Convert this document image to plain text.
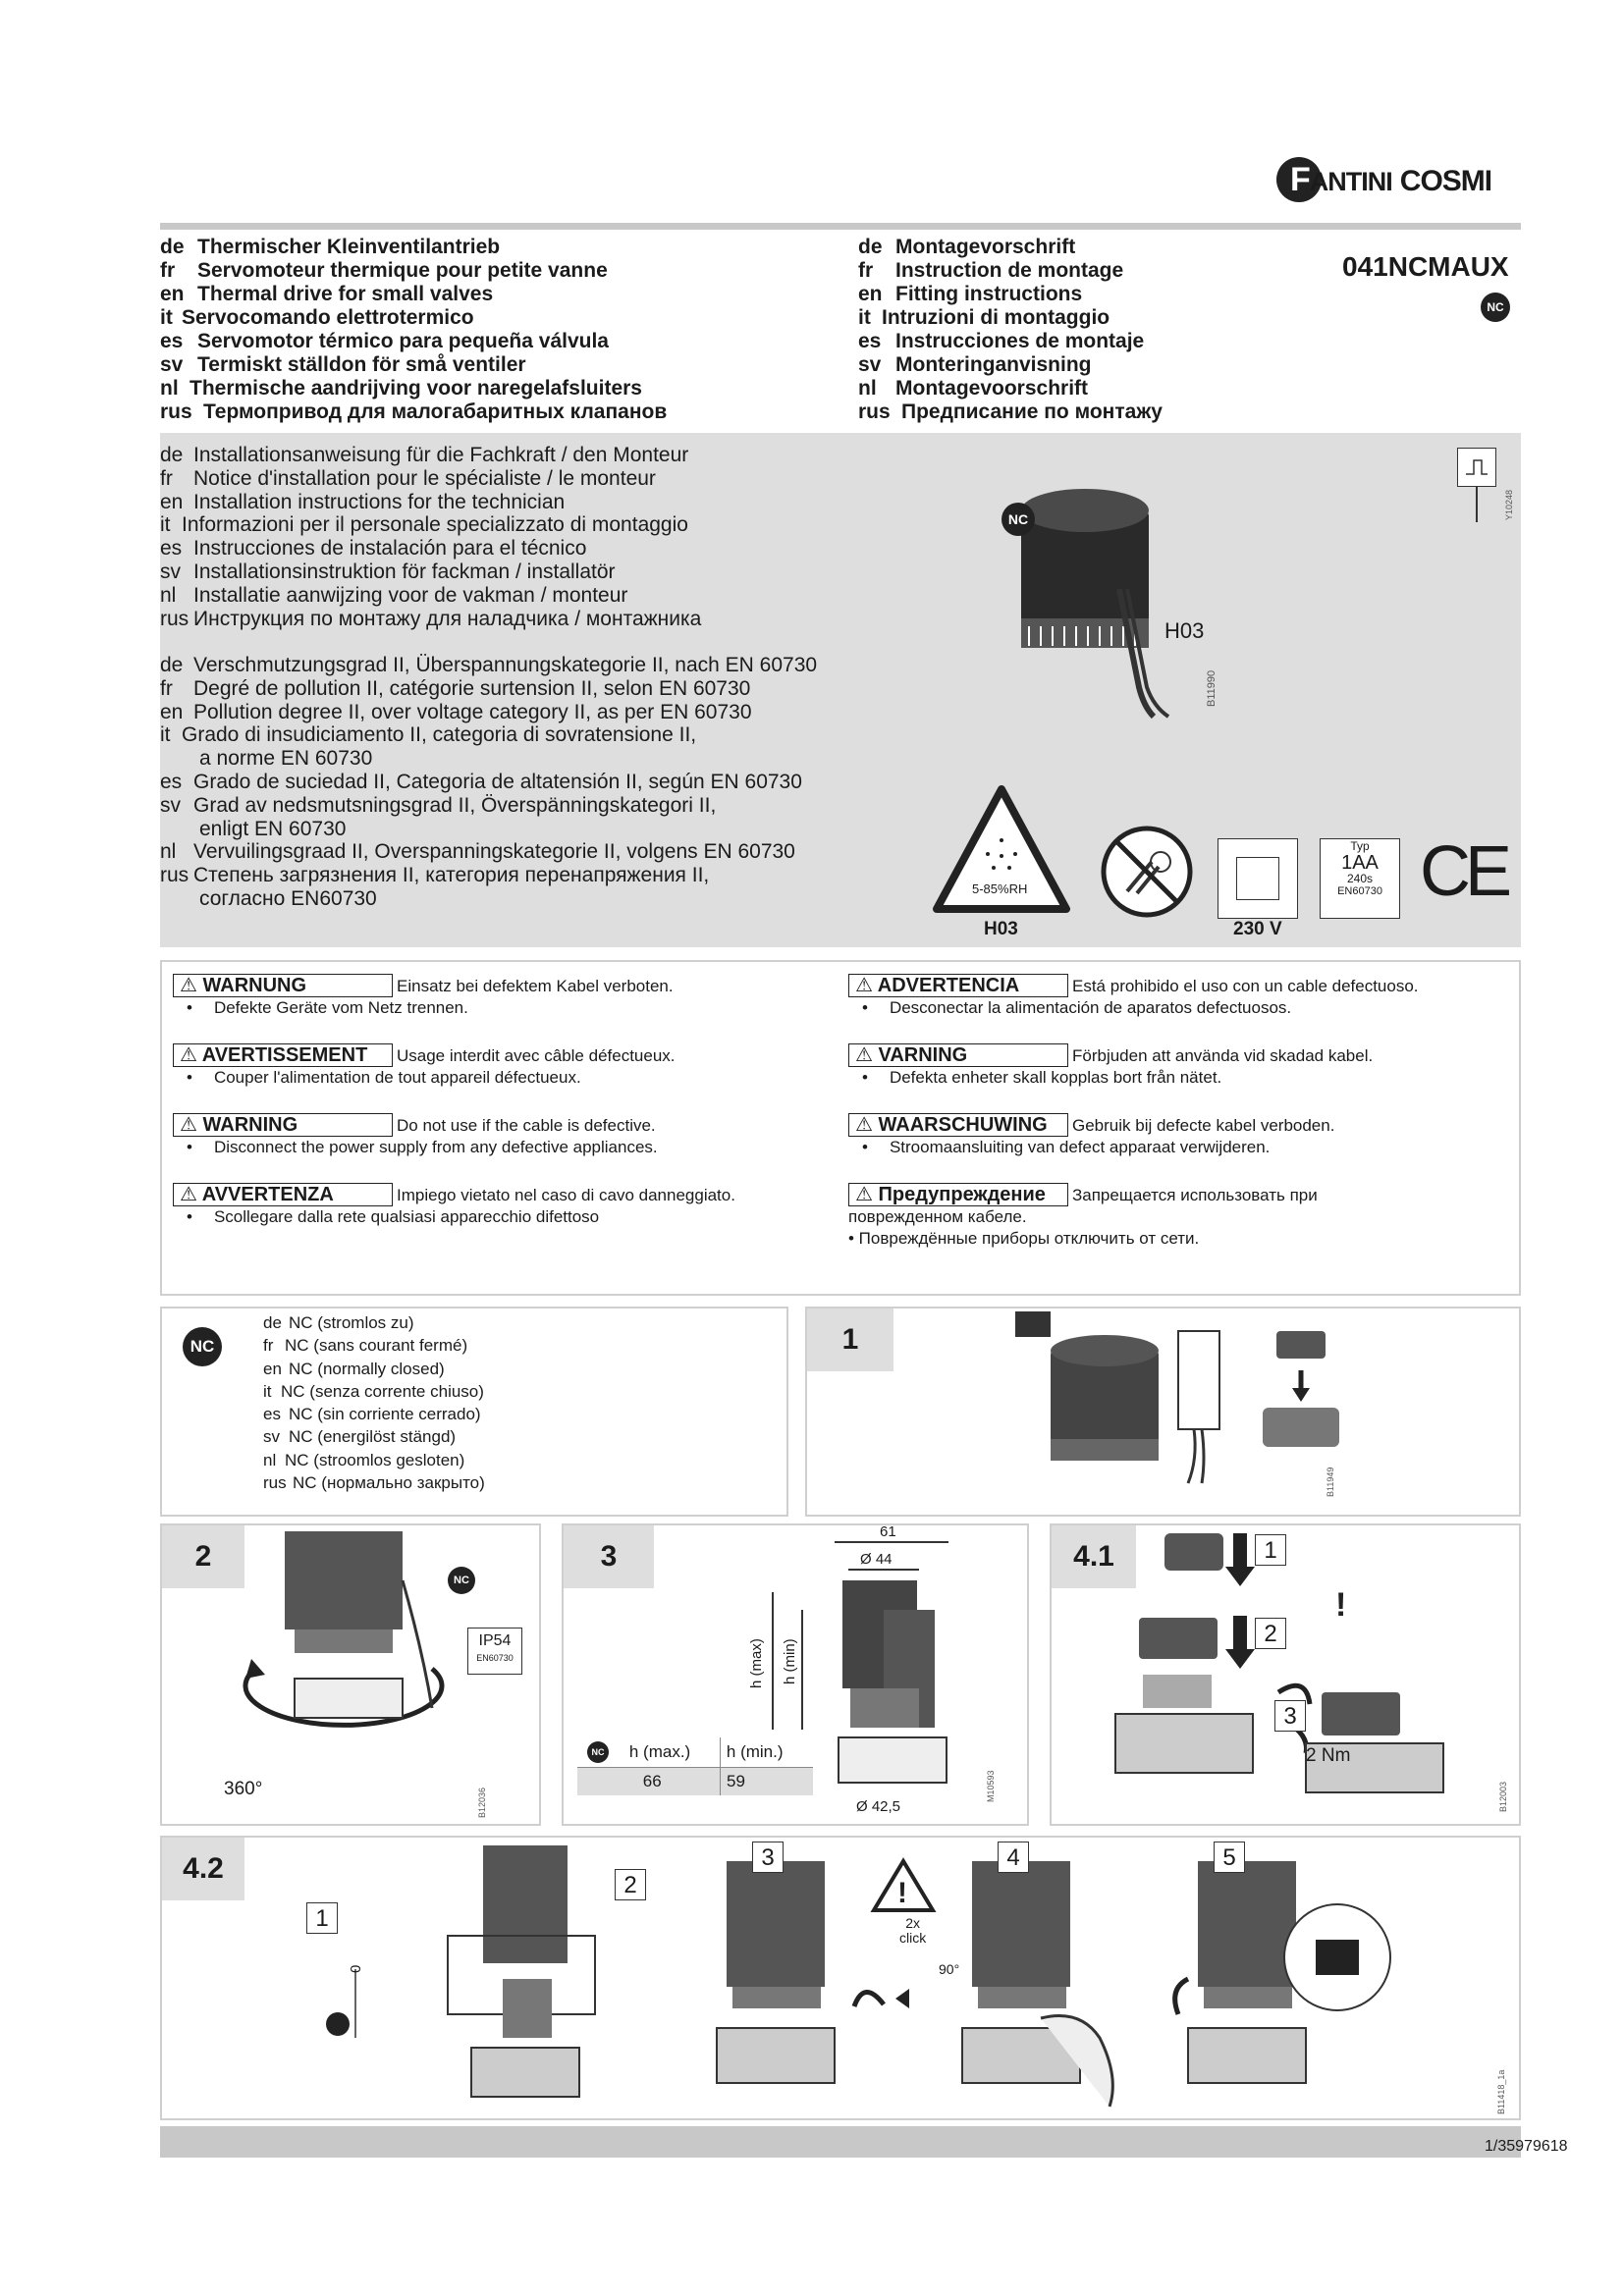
FANTINI COSMI
de Thermischer Kleinventilantrieb
fr Servomoteur thermique pour petite vanne
en Thermal drive for small valves
it Servocomando elettrotermico
es Servomotor térmico para pequeña válvula
sv Termiskt ställdon för små ventiler
nl Thermische aandrijving voor naregelafsluiters
rus Термопривод для малогабаритных клапанов
de Montagevorschrift
fr Instruction de montage
en Fitting instructions
it Intruzioni di montaggio
es Instrucciones de montaje
sv Monteringanvisning
nl Montagevoorschrift
rus Предписание по монтажу
041NCMAUX
NC
de Installationsanweisung für die Fachkraft / den Monteur
fr Notice d'installation pour le spécialiste / le monteur
en Installation instructions for the technician
it Informazioni per il personale specializzato di montaggio
es Instrucciones de instalación para el técnico
sv Installationsinstruktion för fackman / installatör
nl Installatie aanwijzing voor de vakman / monteur
rus Инструкция по монтажу для наладчика / монтажника
de Verschmutzungsgrad II, Überspannungskategorie II, nach EN 60730
fr Degré de pollution II, catégorie surtension II, selon EN 60730
en Pollution degree II, over voltage category II, as per EN 60730
it Grado di insudiciamento II, categoria di sovratensione II,
a norme EN 60730
es Grado de suciedad II, Categoria de altatensión II, según EN 60730
sv Grad av nedsmutsningsgrad II, Överspänningskategori II,
enligt EN 60730
nl Vervuilingsgraad II, Overspanningskategorie II, volgens EN 60730
rus Степень загрязнения II, категория перенапряжения II,
согласно EN60730
NC
H03
B11990
Y10248
5-85%RH
H03	230 V
Typ
1AA
240s
EN60730 CE
⚠ WARNUNG	Einsatz bei defektem Kabel verboten.
• Defekte Geräte vom Netz trennen.
⚠ AVERTISSEMENT Usage interdit avec câble défectueux.
• Couper l'alimentation de tout appareil défectueux.
⚠ WARNING	Do not use if the cable is defective.
• Disconnect the power supply from any defective appliances.
⚠ AVVERTENZA	Impiego vietato nel caso di cavo danneggiato.
• Scollegare dalla rete qualsiasi apparecchio difettoso
⚠ ADVERTENCIA	Está prohibido el uso con un cable defectuoso.
• Desconectar la alimentación de aparatos defectuosos.
⚠ VARNING	Förbjuden att använda vid skadad kabel.
• Defekta enheter skall kopplas bort från nätet.
⚠ WAARSCHUWING Gebruik bij defecte kabel verboden.
• Stroomaansluiting van defect apparaat verwijderen.
⚠ Предупреждение Запрещается использовать при
поврежденном кабеле.
• Повреждённые приборы отключить от сети.
NC
de NC (stromlos zu)
fr NC (sans courant fermé)
en NC (normally closed)
it NC (senza corrente chiuso)
es NC (sin corriente cerrado)
sv NC (energilöst stängd)
nl NC (stroomlos gesloten)
rus NC (нормально закрыто)
1
B11949
2
NC
IP54
EN60730
360°	B12036
3
61
Ø 44
h (max) h (min)
Ø 42,5
M10593
NC h (max.)	h (min.)
66	59
4.1
!
1
2
3
2 Nm
B12003
4.2
!
1
2
3	4	5
0
2x
click
90°
B11418_1a
1/35979618
